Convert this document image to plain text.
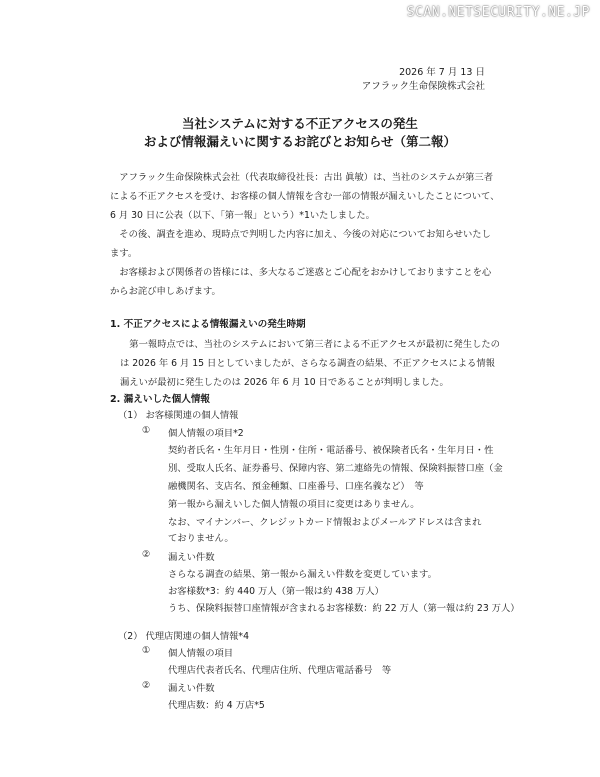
SCAN.NETSECURITY.NE.JP
2026 年 7 月 13 日
アフラック生命保険株式会社
当社システムに対する不正アクセスの発生
および情報漏えいに関するお詫びとお知らせ（第二報）

アフラック生命保険株式会社（代表取締役社長：古出 眞敏）は、当社のシステムが第三者による不正アクセスを受け、お客様の個人情報を含む一部の情報が漏えいしたことについて、6 月 30 日に公表（以下、「第一報」という）*1いたしました。

その後、調査を進め、現時点で判明した内容に加え、今後の対応についてお知らせいたします。

お客様および関係者の皆様には、多大なるご迷惑とご心配をおかけしておりますことを心からお詫び申しあげます。

1. 不正アクセスによる情報漏えいの発生時期

第一報時点では、当社のシステムにおいて第三者による不正アクセスが最初に発生したのは 2026 年 6 月 15 日としていましたが、さらなる調査の結果、不正アクセスによる情報漏えいが最初に発生したのは 2026 年 6 月 10 日であることが判明しました。

2. 漏えいした個人情報
（1） お客様関連の個人情報
① 個人情報の項目*2
契約者氏名・生年月日・性別・住所・電話番号、被保険者氏名・生年月日・性
別、受取人氏名、証券番号、保障内容、第二連絡先の情報、保険料振替口座（金
融機関名、支店名、預金種類、口座番号、口座名義など）　等
第一報から漏えいした個人情報の項目に変更はありません。
なお、マイナンバー、クレジットカード情報およびメールアドレスは含まれ
ておりません。
② 漏えい件数
さらなる調査の結果、第一報から漏えい件数を変更しています。
お客様数*3：約 440 万人（第一報は約 438 万人）
うち、保険料振替口座情報が含まれるお客様数：約 22 万人（第一報は約 23 万人）
（2） 代理店関連の個人情報*4
① 個人情報の項目
代理店代表者氏名、代理店住所、代理店電話番号　等
② 漏えい件数
代理店数：約 4 万店*5
